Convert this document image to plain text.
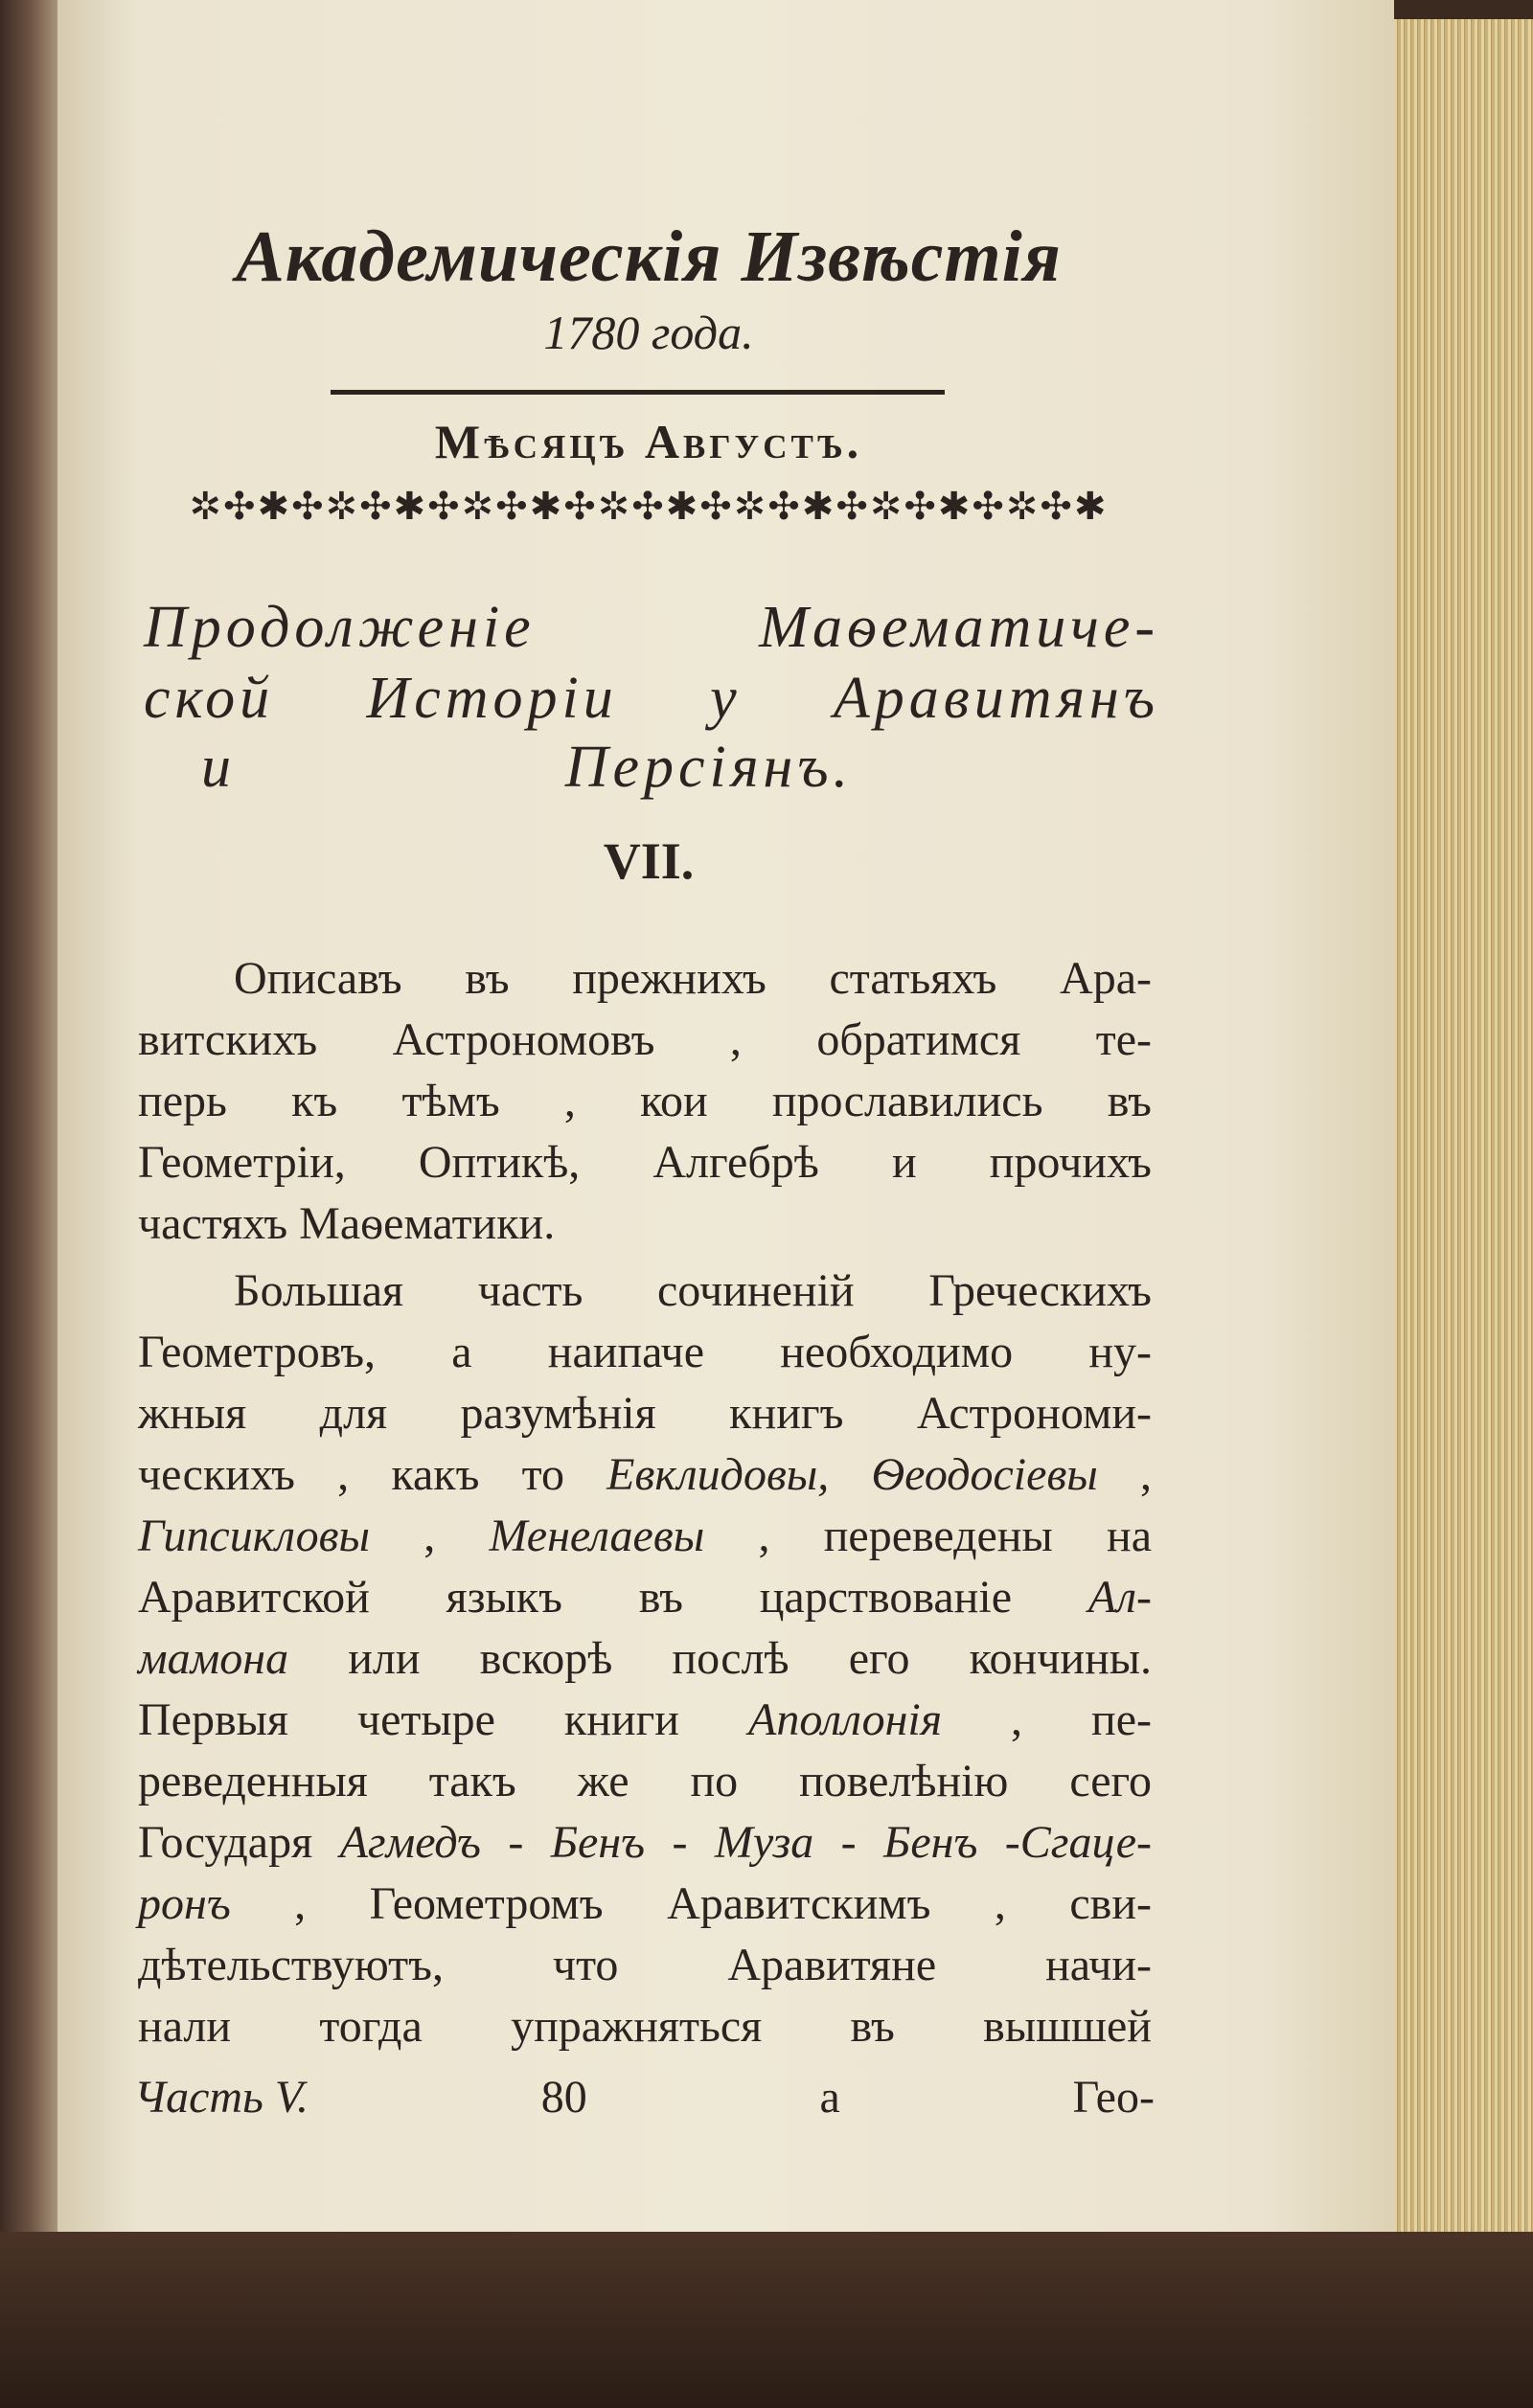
Академическія Извѣстія
1780 года.
Мѣсяцъ Августъ.
✲✣✱✣✲✣✱✣✲✣✱✣✲✣✱✣✲✣✱✣✲✣✱✣✲✣✱
Продолженіе Маѳематиче-
ской Исторіи у Аравитянъ
и Персіянъ.
VII.
Описавъ въ прежнихъ статьяхъ Ара-
витскихъ Астрономовъ , обратимся те-
перь къ тѣмъ , кои прославились въ
Геометріи, Оптикѣ, Алгебрѣ и прочихъ
частяхъ Маѳематики.
Большая часть сочиненій Греческихъ
Геометровъ, а наипаче необходимо ну-
жныя для разумѣнія книгъ Астрономи-
ческихъ , какъ то Евклидовы, Ѳеодосіевы ,
Гипсикловы , Менелаевы , переведены на
Аравитской языкъ въ царствованіе Ал-
мамона или вскорѣ послѣ его кончины.
Первыя четыре книги Аполлонія , пе-
реведенныя такъ же по повелѣнію сего
Государя Агмедъ - Бенъ - Муза - Бенъ -Сгаце-
ронъ , Геометромъ Аравитскимъ , сви-
дѣтельствуютъ, что Аравитяне начи-
нали тогда упражняться въ вышшей
Часть V.	80	a	Гео-
